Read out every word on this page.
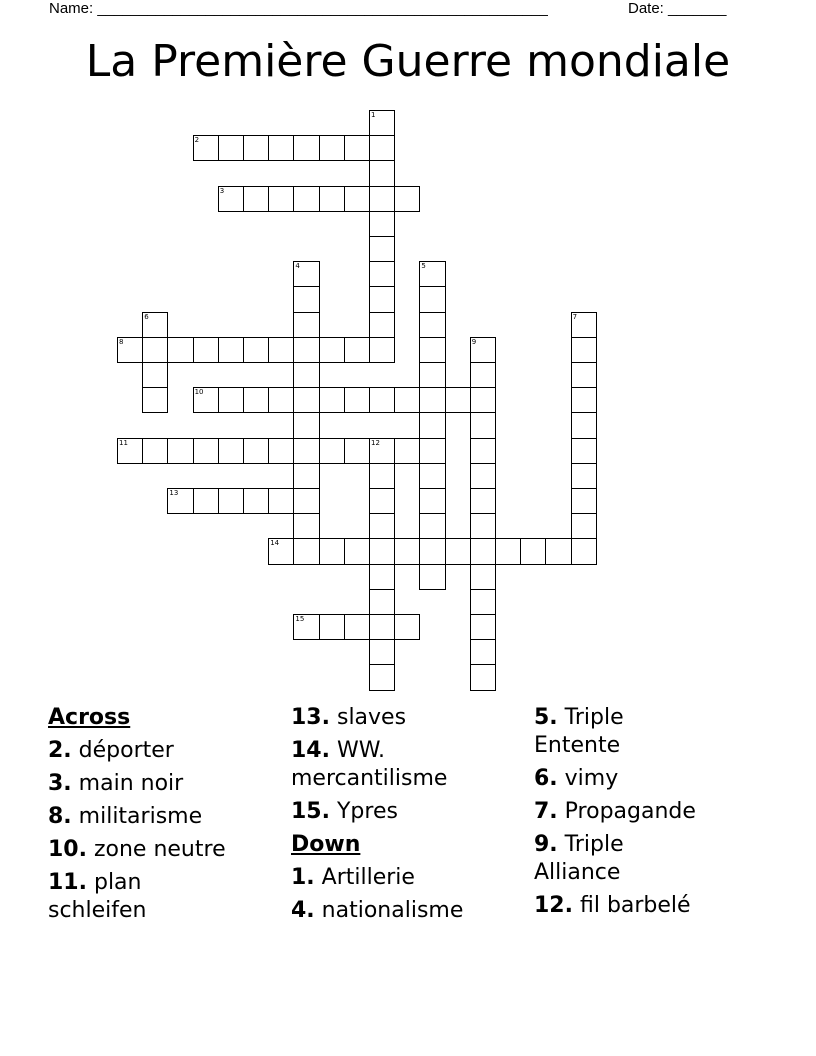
Name: ______________________________________________________	Date: _______
La Première Guerre mondiale
2
3
8
10
11
13
14
15
1
4	5
6	7
9
12
Across
2. déporter
3. main noir
8. militarisme
10. zone neutre
11. plan schleifen
13. slaves
14. WW. mercantilisme
15. Ypres
Down
1. Artillerie
4. nationalisme
5. Triple Entente
6. vimy
7. Propagande
9. Triple Alliance
12. fil barbelé
